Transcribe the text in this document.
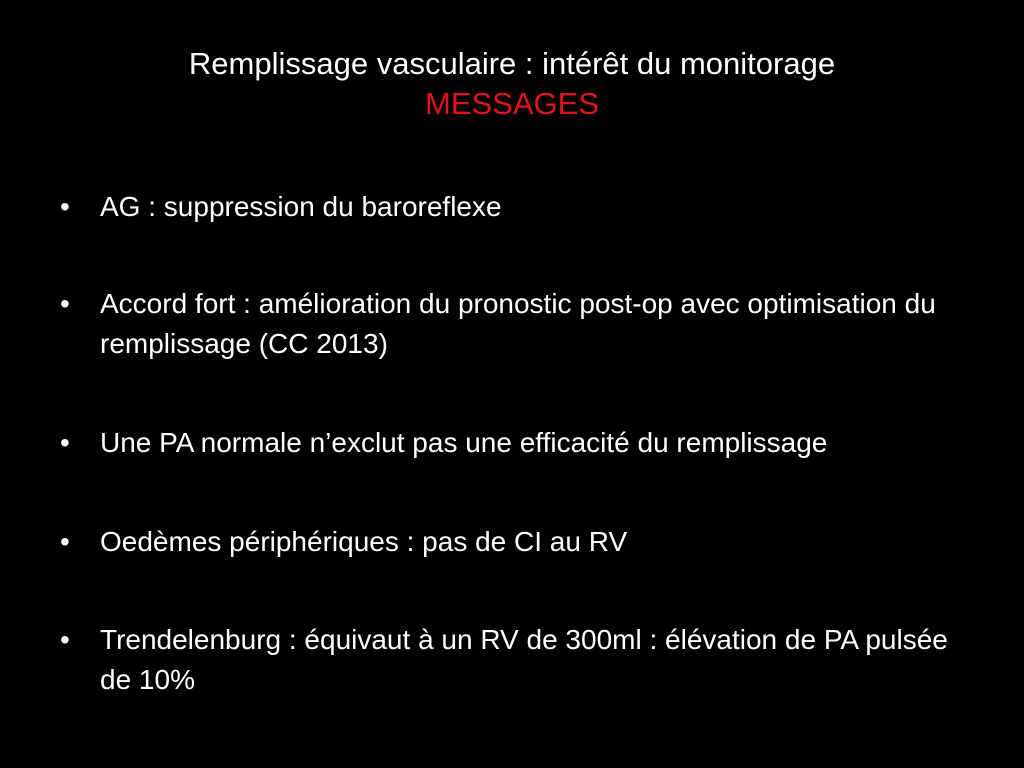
Remplissage vasculaire : intérêt du monitorage
MESSAGES
•	AG : suppression du baroreflexe
•	Accord fort : amélioration du pronostic post-op avec optimisation du remplissage (CC 2013)
•	Une PA normale n’exclut pas une efficacité du remplissage
•	Oedèmes périphériques : pas de CI au RV
•	Trendelenburg : équivaut à un RV de 300ml : élévation de PA pulsée de 10%
